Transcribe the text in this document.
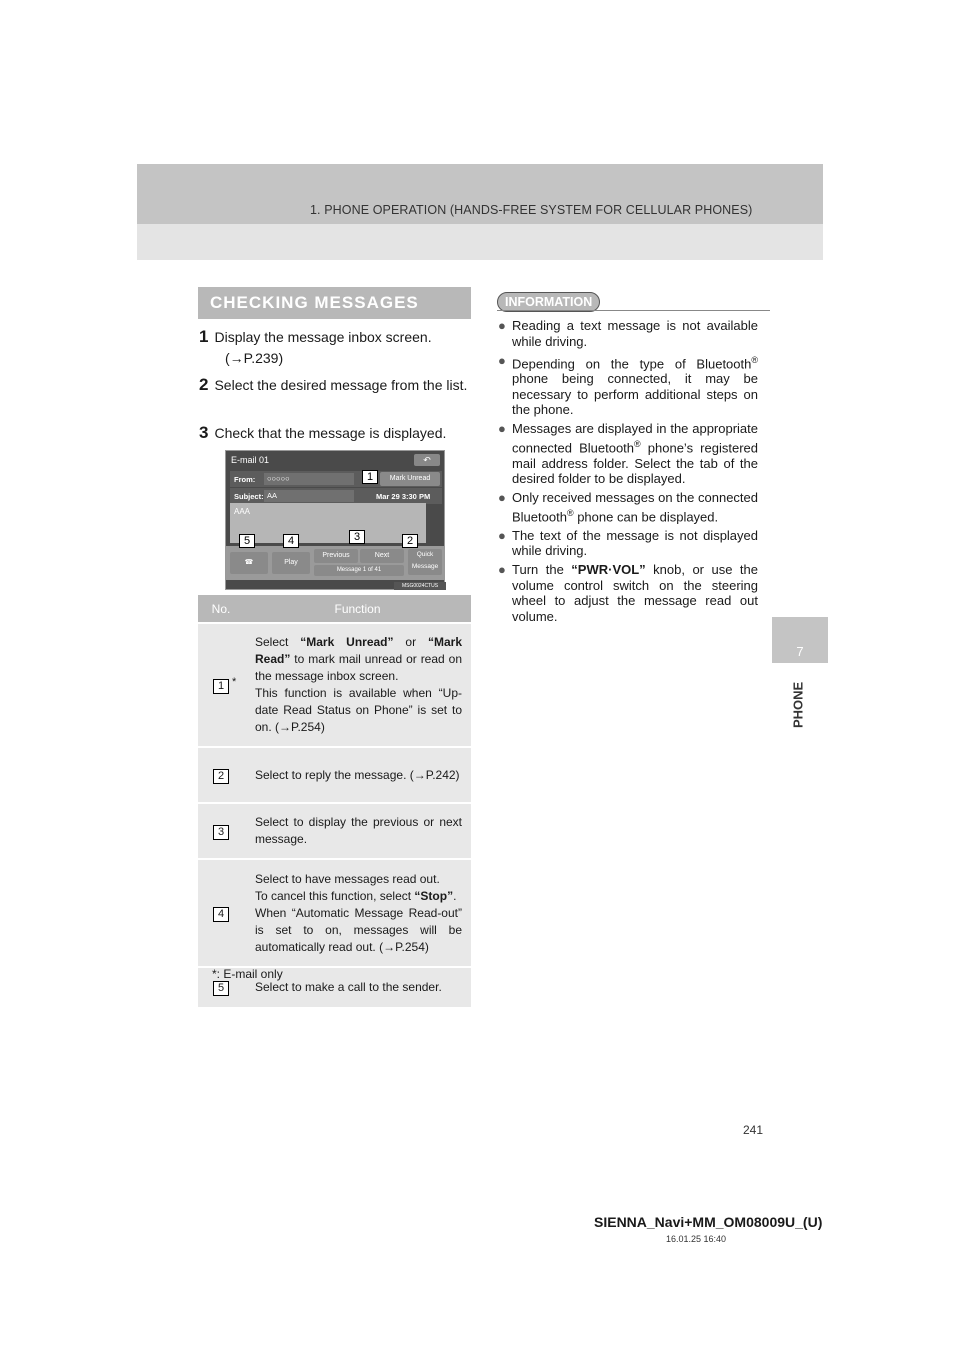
1. PHONE OPERATION (HANDS-FREE SYSTEM FOR CELLULAR PHONES)
7
PHONE
CHECKING MESSAGES
1 Display the message inbox screen.
(→P.239)
2 Select the desired message from the list.
3 Check that the message is displayed.
E-mail 01	↶
From:	○○○○○	Mark Unread
Subject: AA	Mar 29 3:30 PM
AAA
☎	Play
Previous	Next
Message 1 of 41
Quick Message
1
2
3
4
5
MSG0024CTUS
No.	Function
1 *	Select “Mark Unread” or “Mark Read” to mark mail unread or read on the message inbox screen.
This function is available when “Up-date Read Status on Phone” is set to on. (→P.254)
2	Select to reply the message. (→P.242)
3	Select to display the previous or next message.
4	Select to have messages read out.
To cancel this function, select “Stop”.
When “Automatic Message Read-out” is set to on, messages will be automatically read out. (→P.254)
5	Select to make a call to the sender.
*: E-mail only
INFORMATION
● Reading a text message is not available while driving.
● Depending on the type of Bluetooth® phone being connected, it may be necessary to perform additional steps on the phone.
● Messages are displayed in the appropriate connected Bluetooth® phone’s registered mail address folder. Select the tab of the desired folder to be displayed.
● Only received messages on the connected Bluetooth® phone can be displayed.
● The text of the message is not displayed while driving.
● Turn the “PWR·VOL” knob, or use the volume control switch on the steering wheel to adjust the message read out volume.
241
SIENNA_Navi+MM_OM08009U_(U)
16.01.25 16:40
